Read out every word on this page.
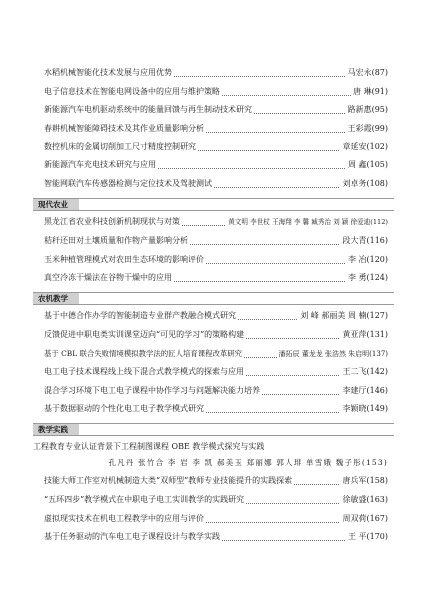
水稻机械智能化技术发展与应用优势	马宏永(87)
电子信息技术在智能电网设备中的应用与维护策略	唐 琳(91)
新能源汽车电机驱动系统中的能量回馈与再生制动技术研究	路新惠(95)
春耕机械智能障碍技术及其作业质量影响分析	王彩霞(99)
数控机床的金属切削加工尺寸精度控制研究	章延安(102)
新能源汽车充电技术研究与应用	周 鑫(105)
智能网联汽车传感器检测与定位技术及驾驶测试	刘卓务(108)
现代农业
黑龙江省农业科技创新机制现状与对策	黄文明 李世杖 王海翔 李 馨 臧秀治 刘 颖 徐爱迪(112)
秸秆还田对土壤质量和作物产量影响分析	段大青(116)
玉米种植管理模式对农田生态环境的影响评价	李 冶(120)
真空冷冻干燥法在谷物干燥中的应用	李 勇(124)
农机教学
基于中德合作办学的智能制造专业群产教融合模式研究	刘 峰 郝丽美 周 楠(127)
反馈促进中职电类实训课堂迈向“可见的学习”的策略构建	黄亚萍(131)
基于 CBL 联合失败情境模拟教学法的匠人培育课程改革研究	潘拓辰 董龙龙 张浩然 朱启明(137)
电工电子技术课程线上线下混合式教学模式的探索与应用	王二飞(142)
混合学习环境下电工电子课程中协作学习与问题解决能力培养	李建厅(146)
基于数据驱动的个性化电工电子教学模式研究	李颖晓(149)
教学实践
工程教育专业认证背景下工程制图课程 OBE 教学模式探究与实践
孔凡丹 张竹合 李 岩 李 凯 郝美玉 郑丽娜 郭人琲 单雪娥 魏子彤(153)
技能大师工作室对机械制造大类“双师型”教师专业技能提升的实践探索	唐兵军(158)
“五环四步”教学模式在中职电子电工实训教学的实践研究	徐敏盛(163)
虚拟现实技术在机电工程教学中的应用与评价	周双荷(167)
基于任务驱动的汽车电工电子课程设计与教学实践	王 平(170)
